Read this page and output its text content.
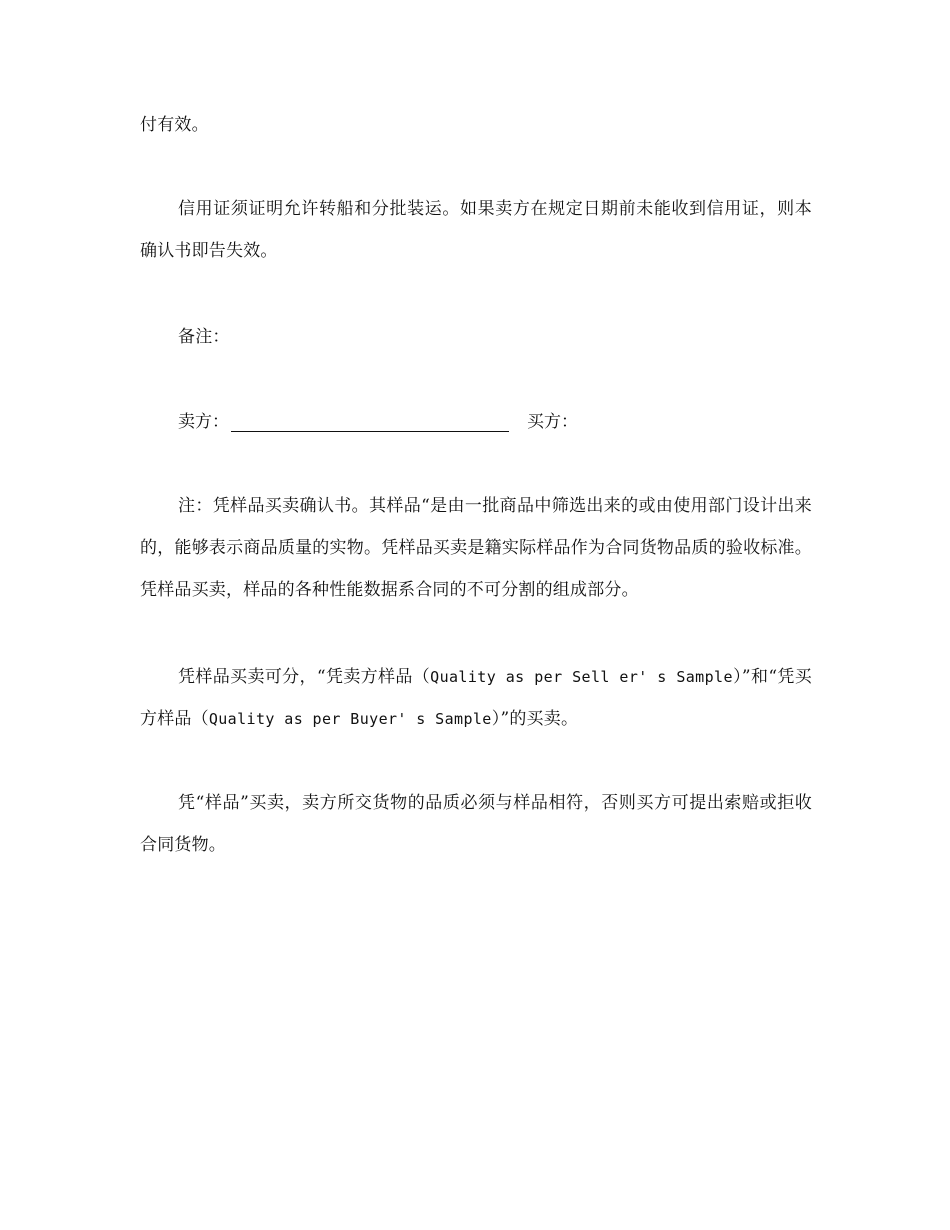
付有效。

信用证须证明允许转船和分批装运。如果卖方在规定日期前未能收到信用证，则本确认书即告失效。

备注：

卖方：	买方：

注：凭样品买卖确认书。其样品“是由一批商品中筛选出来的或由使用部门设计出来的，能够表示商品质量的实物。凭样品买卖是籍实际样品作为合同货物品质的验收标准。凭样品买卖，样品的各种性能数据系合同的不可分割的组成部分。

凭样品买卖可分，“凭卖方样品（Quality as per Sell er' s Sample）”和“凭买方样品（Quality as per Buyer' s Sample）”的买卖。

凭“样品”买卖，卖方所交货物的品质必须与样品相符，否则买方可提出索赔或拒收合同货物。
